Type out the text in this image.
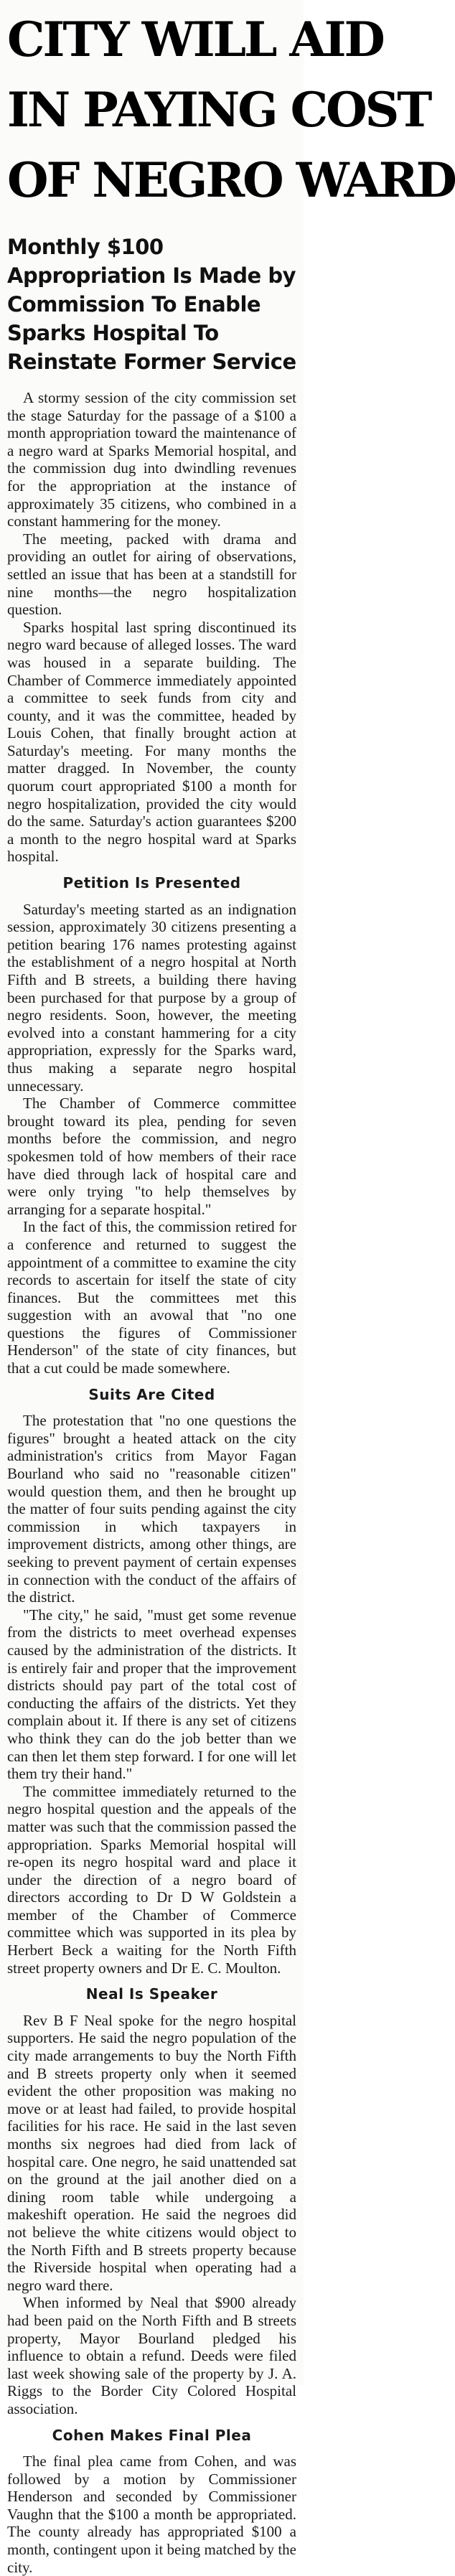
CITY WILL AID
IN PAYING COST
OF NEGRO WARD
Monthly $100 Appropriation Is Made by Commission To Enable Sparks Hospital To Reinstate Former Service

A stormy session of the city commission set the stage Saturday for the passage of a $100 a month appropriation toward the maintenance of a negro ward at Sparks Memorial hospital, and the commission dug into dwindling revenues for the appropriation at the instance of approximately 35 citizens, who combined in a constant hammering for the money.

The meeting, packed with drama and providing an outlet for airing of observations, settled an issue that has been at a standstill for nine months—the negro hospitalization question.

Sparks hospital last spring discontinued its negro ward because of alleged losses. The ward was housed in a separate building. The Chamber of Commerce immediately appointed a committee to seek funds from city and county, and it was the committee, headed by Louis Cohen, that finally brought action at Saturday's meeting. For many months the matter dragged. In November, the county quorum court appropriated $100 a month for negro hospitalization, provided the city would do the same. Saturday's action guarantees $200 a month to the negro hospital ward at Sparks hospital.

Petition Is Presented

Saturday's meeting started as an indignation session, approximately 30 citizens presenting a petition bearing 176 names protesting against the establishment of a negro hospital at North Fifth and B streets, a building there having been purchased for that purpose by a group of negro residents. Soon, however, the meeting evolved into a constant hammering for a city appropriation, expressly for the Sparks ward, thus making a separate negro hospital unnecessary.

The Chamber of Commerce committee brought toward its plea, pending for seven months before the commission, and negro spokesmen told of how members of their race have died through lack of hospital care and were only trying "to help themselves by arranging for a separate hospital."

In the fact of this, the commission retired for a conference and returned to suggest the appointment of a committee to examine the city records to ascertain for itself the state of city finances. But the committees met this suggestion with an avowal that "no one questions the figures of Commissioner Henderson" of the state of city finances, but that a cut could be made somewhere.

Suits Are Cited

The protestation that "no one questions the figures" brought a heated attack on the city administration's critics from Mayor Fagan Bourland who said no "reasonable citizen" would question them, and then he brought up the matter of four suits pending against the city commission in which taxpayers in improvement districts, among other things, are seeking to prevent payment of certain expenses in connection with the conduct of the affairs of the district.

"The city," he said, "must get some revenue from the districts to meet overhead expenses caused by the administration of the districts. It is entirely fair and proper that the improvement districts should pay part of the total cost of conducting the affairs of the districts. Yet they complain about it. If there is any set of citizens who think they can do the job better than we can then let them step forward. I for one will let them try their hand."

The committee immediately returned to the negro hospital question and the appeals of the matter was such that the commission passed the appropriation. Sparks Memorial hospital will re-open its negro hospital ward and place it under the direction of a negro board of directors according to Dr D W Goldstein a member of the Chamber of Commerce committee which was supported in its plea by Herbert Beck a waiting for the North Fifth street property owners and Dr E. C. Moulton.

Neal Is Speaker

Rev B F Neal spoke for the negro hospital supporters. He said the negro population of the city made arrangements to buy the North Fifth and B streets property only when it seemed evident the other proposition was making no move or at least had failed, to provide hospital facilities for his race. He said in the last seven months six negroes had died from lack of hospital care. One negro, he said unattended sat on the ground at the jail another died on a dining room table while undergoing a makeshift operation. He said the negroes did not believe the white citizens would object to the North Fifth and B streets property because the Riverside hospital when operating had a negro ward there.

When informed by Neal that $900 already had been paid on the North Fifth and B streets property, Mayor Bourland pledged his influence to obtain a refund. Deeds were filed last week showing sale of the property by J. A. Riggs to the Border City Colored Hospital association.

Cohen Makes Final Plea

The final plea came from Cohen, and was followed by a motion by Commissioner Henderson and seconded by Commissioner Vaughn that the $100 a month be appropriated. The county already has appropriated $100 a month, contingent upon it being matched by the city.
